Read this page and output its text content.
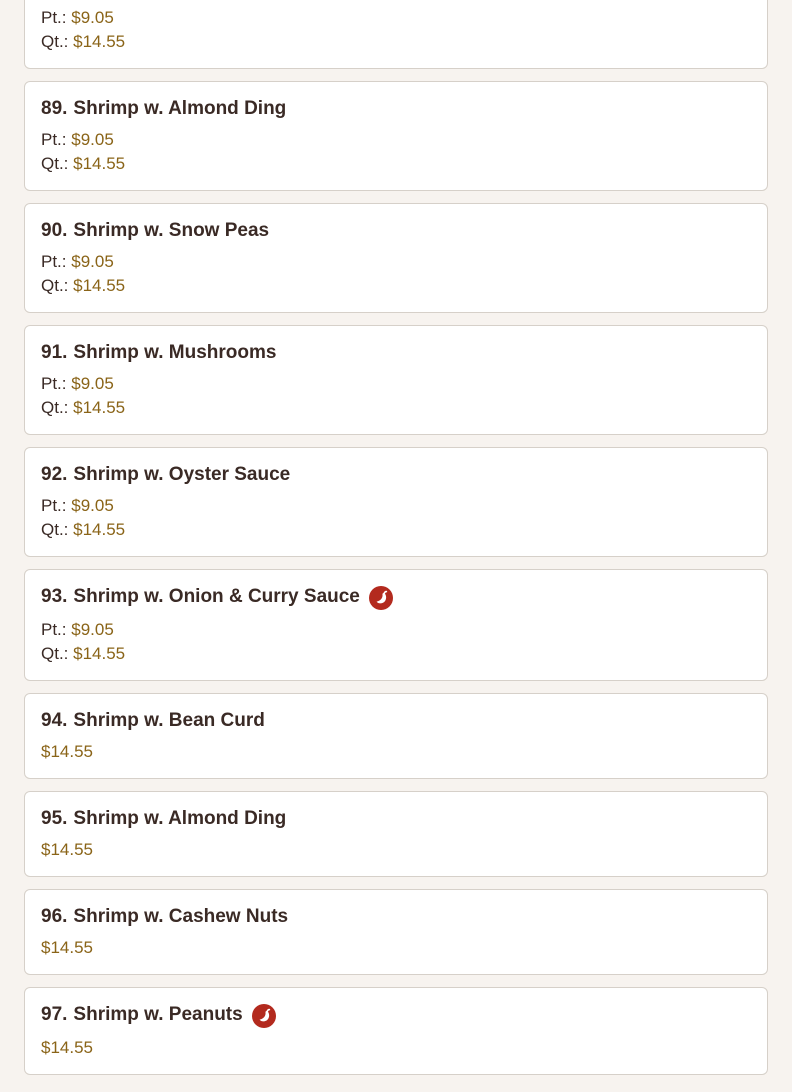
Pt.: $9.05
Qt.: $14.55
89. Shrimp w. Almond Ding
Pt.: $9.05
Qt.: $14.55
90. Shrimp w. Snow Peas
Pt.: $9.05
Qt.: $14.55
91. Shrimp w. Mushrooms
Pt.: $9.05
Qt.: $14.55
92. Shrimp w. Oyster Sauce
Pt.: $9.05
Qt.: $14.55
93. Shrimp w. Onion & Curry Sauce
Pt.: $9.05
Qt.: $14.55
94. Shrimp w. Bean Curd
$14.55
95. Shrimp w. Almond Ding
$14.55
96. Shrimp w. Cashew Nuts
$14.55
97. Shrimp w. Peanuts
$14.55
